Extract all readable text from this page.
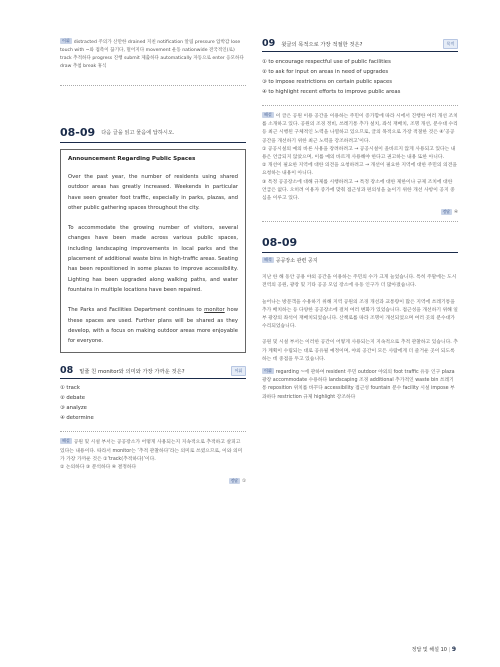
어휘 distracted 주의가 산만한 drained 지친 notification 알림 pressure 압박감 lose touch with ~와 접촉이 끊기다, 멀어지다 movement 운동 nationwide 전국적인(로) track 추적하다 progress 진행 submit 제출하다 automatically 자동으로 enter 응모하다 draw 추첨 break 휴식
08-09 다음 글을 읽고 물음에 답하시오.
Announcement Regarding Public Spaces

Over the past year, the number of residents using shared outdoor areas has greatly increased. Weekends in particular have seen greater foot traffic, especially in parks, plazas, and other public gathering spaces throughout the city.

To accommodate the growing number of visitors, several changes have been made across various public spaces, including landscaping improvements in local parks and the placement of additional waste bins in high-traffic areas. Seating has been repositioned in some plazas to improve accessibility. Lighting has been upgraded along walking paths, and water fountains in multiple locations have been repaired.

The Parks and Facilities Department continues to monitor how these spaces are used. Further plans will be shared as they develop, with a focus on making outdoor areas more enjoyable for everyone.

08 밑줄 친 monitor와 의미와 가장 가까운 것은?	어휘
① track
② debate
③ analyze
④ determine
해설 공원 및 시설 부서는 공공장소가 어떻게 사용되는지 지속적으로 추적하고 살피고 있다는 내용이다. 따라서 monitor는 ‘추적 관찰하다’라는 의미로 쓰였으므로, 이와 의미가 가장 가까운 것은 ①‘track(추적하다)’이다.
② 논의하다 ③ 분석하다 ④ 결정하다
정답 ①
09 윗글의 목적으로 가장 적절한 것은?	목적
① to encourage respectful use of public facilities
② to ask for input on areas in need of upgrades
③ to impose restrictions on certain public spaces
④ to highlight recent efforts to improve public areas
해설 이 글은 공원 이용 공간을 이용하는 주민이 증가함에 따라 시에서 진행한 여러 개선 조치를 소개하고 있다. 공원의 조경 정비, 쓰레기통 추가 설치, 좌석 재배치, 조명 개선, 분수대 수리 등 최근 시행된 구체적인 노력을 나열하고 있으므로, 글의 목적으로 가장 적절한 것은 ④‘공공 공간을 개선하기 위한 최근 노력을 강조하려고’이다.
① 공공시설의 예의 바른 사용을 장려하려고 → 공공시설이 올바르지 않게 사용되고 있다는 내용은 언급되지 않았으며, 이를 예의 바르게 사용해야 한다고 권고하는 내용 또한 아니다.
② 개선이 필요한 지역에 대한 의견을 요청하려고 → 개선이 필요한 지역에 대한 주민의 의견을 요청하는 내용이 아니다.
③ 특정 공공장소에 대해 규제를 시행하려고 → 특정 장소에 대한 제한이나 규제 조치에 대한 언급은 없다. 오히려 이용자 증가에 맞춰 접근성과 편의성을 높이기 위한 개선 사항이 공지 중심을 이루고 있다.
정답 ④
08-09
해석 공공장소 관련 공지
지난 한 해 동안 공용 야외 공간을 이용하는 주민의 수가 크게 늘었습니다. 특히 주말에는 도시 전역의 공원, 광장 및 기타 공공 모임 장소에 유동 인구가 더 많아졌습니다.
늘어나는 방문객을 수용하기 위해 지역 공원의 조경 개선과 교통량이 많은 지역에 쓰레기통을 추가 배치하는 등 다양한 공공장소에 걸쳐 여러 변화가 있었습니다. 접근성을 개선하기 위해 일부 광장의 좌석이 재배치되었습니다. 산책로를 따라 조명이 개선되었으며 여러 곳의 분수대가 수리되었습니다.
공원 및 시설 부서는 이러한 공간이 어떻게 사용되는지 지속적으로 추적 관찰하고 있습니다. 추가 계획이 수립되는 대로 공유될 예정이며, 야외 공간이 모든 사람에게 더 즐거운 곳이 되도록 하는 데 중점을 두고 있습니다.
어휘 regarding ~에 관하여 resident 주민 outdoor 야외의 foot traffic 유동 인구 plaza 광장 accommodate 수용하다 landscaping 조경 additional 추가적인 waste bin 쓰레기통 reposition 위치를 바꾸다 accessibility 접근성 fountain 분수 facility 시설 impose 부과하다 restriction 규제 highlight 강조하다
정답 및 해설 10 | 9
